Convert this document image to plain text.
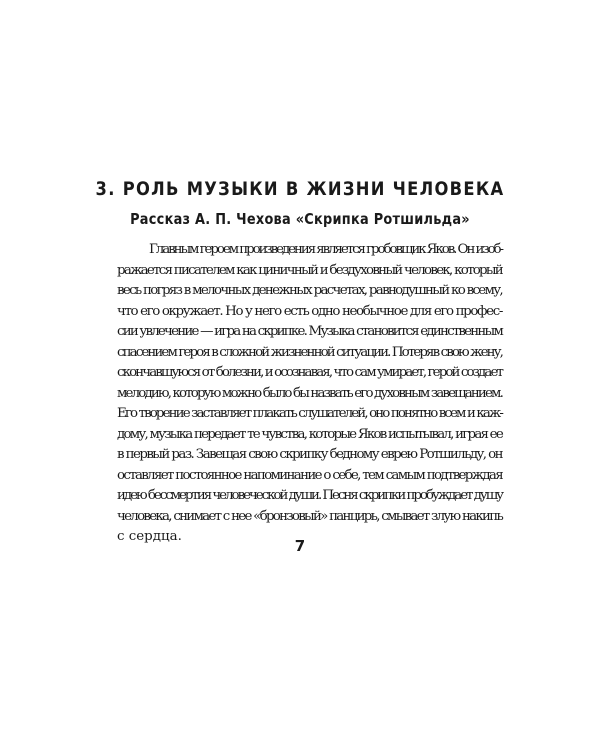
3. РОЛЬ МУЗЫКИ В ЖИЗНИ ЧЕЛОВЕКА
Рассказ А. П. Чехова «Скрипка Ротшильда»
Главным героем произведения является гробовщик Яков. Он изоб-
ражается писателем как циничный и бездуховный человек, который
весь погряз в мелочных денежных расчетах, равнодушный ко всему,
что его окружает. Но у него есть одно необычное для его профес-
сии увлечение — игра на скрипке. Музыка становится единственным
спасением героя в сложной жизненной ситуации. Потеряв свою жену,
скончавшуюся от болезни, и осознавая, что сам умирает, герой создает
мелодию, которую можно было бы назвать его духовным завещанием.
Его творение заставляет плакать слушателей, оно понятно всем и каж-
дому, музыка передает те чувства, которые Яков испытывал, играя ее
в первый раз. Завещая свою скрипку бедному еврею Ротшильду, он
оставляет постоянное напоминание о себе, тем самым подтверждая
идею бессмертия человеческой души. Песня скрипки пробуждает душу
человека, снимает с нее «бронзовый» панцирь, смывает злую накипь
с сердца.
7
